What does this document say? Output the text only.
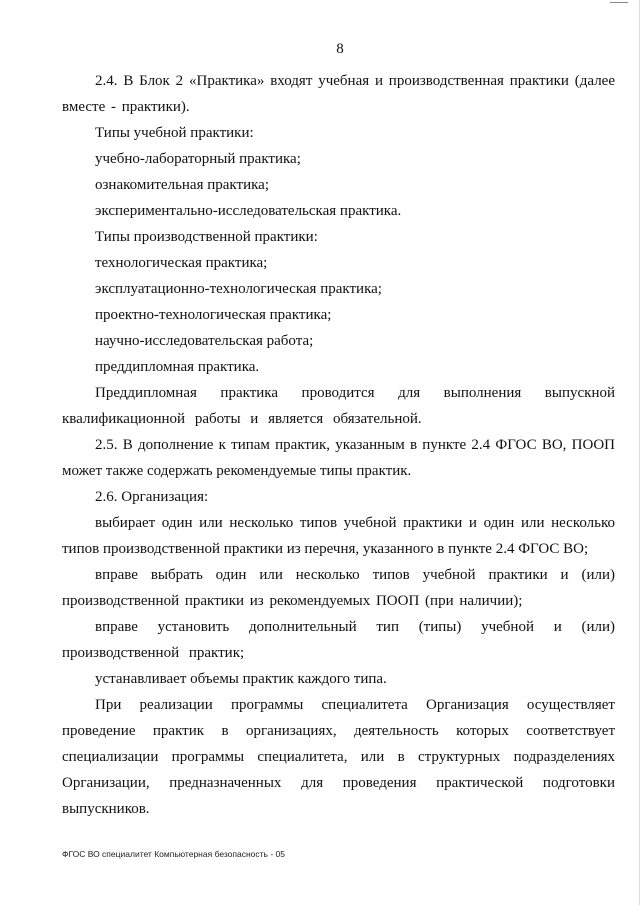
8

2.4. В Блок 2 «Практика» входят учебная и производственная практики (далее вместе - практики).

Типы учебной практики:

учебно-лабораторный практика;

ознакомительная практика;

экспериментально-исследовательская практика.

Типы производственной практики:

технологическая практика;

эксплуатационно-технологическая практика;

проектно-технологическая практика;

научно-исследовательская работа;

преддипломная практика.

Преддипломная практика проводится для выполнения выпускной квалификационной работы и является обязательной.

2.5. В дополнение к типам практик, указанным в пункте 2.4 ФГОС ВО, ПООП может также содержать рекомендуемые типы практик.

2.6. Организация:

выбирает один или несколько типов учебной практики и один или несколько типов производственной практики из перечня, указанного в пункте 2.4 ФГОС ВО;

вправе выбрать один или несколько типов учебной практики и (или) производственной практики из рекомендуемых ПООП (при наличии);

вправе установить дополнительный тип (типы) учебной и (или) производственной практик;

устанавливает объемы практик каждого типа.

При реализации программы специалитета Организация осуществляет проведение практик в организациях, деятельность которых соответствует специализации программы специалитета, или в структурных подразделениях Организации, предназначенных для проведения практической подготовки выпускников.

ФГОС ВО специалитет Компьютерная безопасность - 05
